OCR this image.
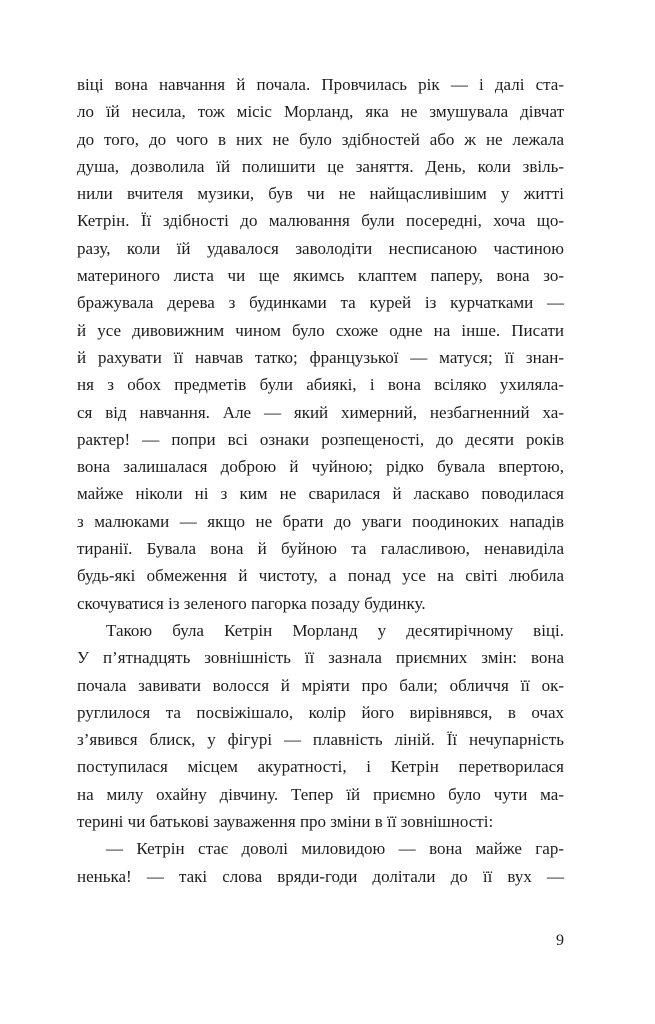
віці вона навчання й почала. Провчилась рік — і далі ста-
ло їй несила, тож місіс Морланд, яка не змушувала дівчат
до того, до чого в них не було здібностей або ж не лежала
душа, дозволила їй полишити це заняття. День, коли звіль-
нили вчителя музики, був чи не найщасливішим у житті
Кетрін. Її здібності до малювання були посередні, хоча що-
разу, коли їй удавалося заволодіти несписаною частиною
материного листа чи ще якимсь клаптем паперу, вона зо-
бражувала дерева з будинками та курей із курчатками —
й усе дивовижним чином було схоже одне на інше. Писати
й рахувати її навчав татко; французької — матуся; її знан-
ня з обох предметів були абиякі, і вона всіляко ухиляла-
ся від навчання. Але — який химерний, незбагненний ха-
рактер! — попри всі ознаки розпещеності, до десяти років
вона залишалася доброю й чуйною; рідко бувала впертою,
майже ніколи ні з ким не сварилася й ласкаво поводилася
з малюками — якщо не брати до уваги поодиноких нападів
тиранії. Бувала вона й буйною та галасливою, ненавиділа
будь-які обмеження й чистоту, а понад усе на світі любила
скочуватися із зеленого пагорка позаду будинку.
Такою була Кетрін Морланд у десятирічному віці.
У п’ятнадцять зовнішність її зазнала приємних змін: вона
почала завивати волосся й мріяти про бали; обличчя її ок-
руглилося та посвіжішало, колір його вирівнявся, в очах
з’явився блиск, у фігурі — плавність ліній. Її нечупарність
поступилася місцем акуратності, і Кетрін перетворилася
на милу охайну дівчину. Тепер їй приємно було чути ма-
терині чи батькові зауваження про зміни в її зовнішності:
— Кетрін стає доволі миловидою — вона майже гар-
ненька! — такі слова вряди-годи долітали до її вух —
9
